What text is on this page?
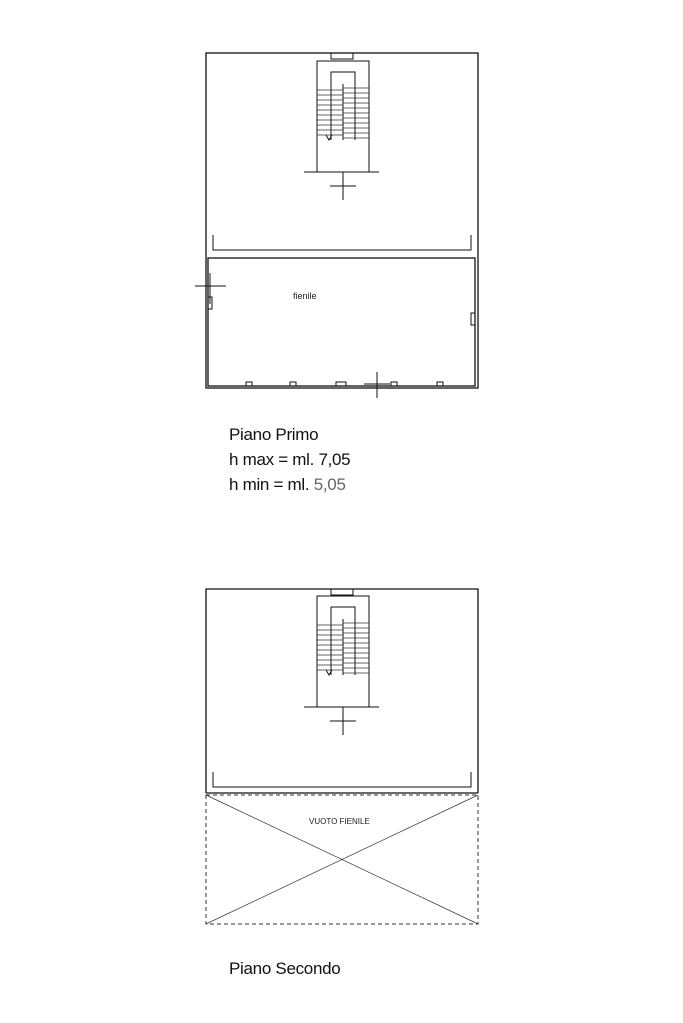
fienile
VUOTO FIENILE
Piano Primo
h max = ml. 7,05
h min = ml. 5,05
Piano Secondo
